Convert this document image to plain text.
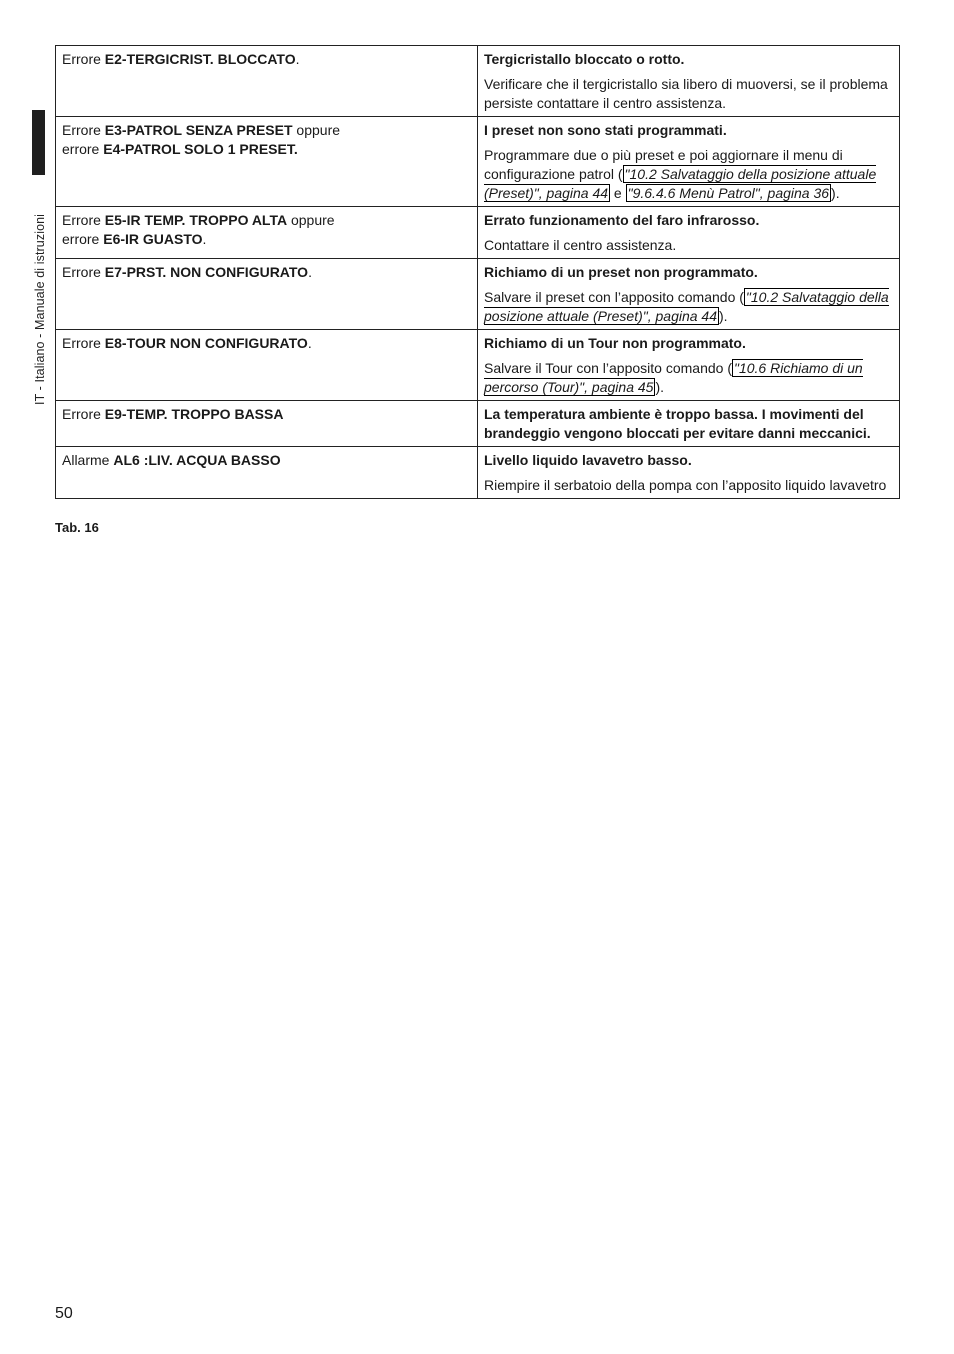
IT - Italiano - Manuale di istruzioni
Errore E2-TERGICRIST. BLOCCATO.	Tergicristallo bloccato o rotto.
Verificare che il tergicristallo sia libero di muoversi, se il problema persiste contattare il centro assistenza.

Errore E3-PATROL SENZA PRESET oppure
errore E4-PATROL SOLO 1 PRESET.	I preset non sono stati programmati.
Programmare due o più preset e poi aggiornare il menu di configurazione patrol ( "10.2 Salvataggio della posizione attuale (Preset)", pagina 44 e "9.6.4.6 Menù Patrol", pagina 36 ).

Errore E5-IR TEMP. TROPPO ALTA oppure
errore E6-IR GUASTO.	Errato funzionamento del faro infrarosso.
Contattare il centro assistenza.

Errore E7-PRST. NON CONFIGURATO.	Richiamo di un preset non programmato.
Salvare il preset con l’apposito comando ( "10.2 Salvataggio della posizione attuale (Preset)", pagina 44 ).

Errore E8-TOUR NON CONFIGURATO.	Richiamo di un Tour non programmato.
Salvare il Tour con l’apposito comando ( "10.6 Richiamo di un percorso (Tour)", pagina 45 ).

Errore E9-TEMP. TROPPO BASSA	La temperatura ambiente è troppo bassa. I movimenti del brandeggio vengono bloccati per evitare danni meccanici.

Allarme AL6 :LIV. ACQUA BASSO	Livello liquido lavavetro basso.
Riempire il serbatoio della pompa con l’apposito liquido lavavetro
Tab. 16
50
